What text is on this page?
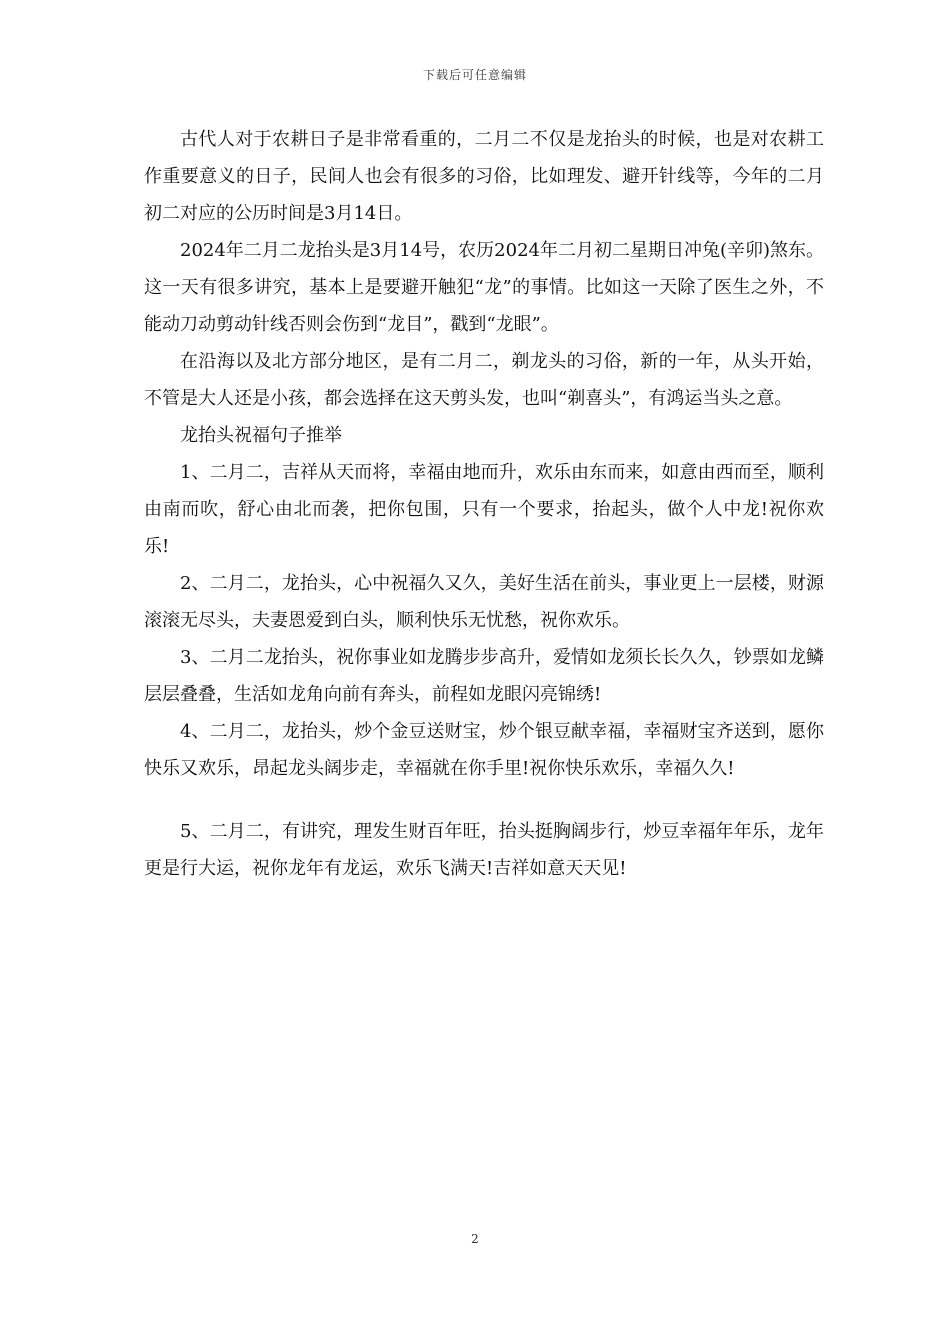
下载后可任意编辑

古代人对于农耕日子是非常看重的，二月二不仅是龙抬头的时候，也是对农耕工作重要意义的日子，民间人也会有很多的习俗，比如理发、避开针线等，今年的二月初二对应的公历时间是3月14日。

2024年二月二龙抬头是3月14号，农历2024年二月初二星期日冲兔(辛卯)煞东。这一天有很多讲究，基本上是要避开触犯“龙”的事情。比如这一天除了医生之外，不能动刀动剪动针线否则会伤到“龙目”，戳到“龙眼”。

在沿海以及北方部分地区，是有二月二，剃龙头的习俗，新的一年，从头开始，不管是大人还是小孩，都会选择在这天剪头发，也叫“剃喜头”，有鸿运当头之意。

龙抬头祝福句子推举

1、二月二，吉祥从天而将，幸福由地而升，欢乐由东而来，如意由西而至，顺利由南而吹，舒心由北而袭，把你包围，只有一个要求，抬起头，做个人中龙!祝你欢乐!

2、二月二，龙抬头，心中祝福久又久，美好生活在前头，事业更上一层楼，财源滚滚无尽头，夫妻恩爱到白头，顺利快乐无忧愁，祝你欢乐。

3、二月二龙抬头，祝你事业如龙腾步步高升，爱情如龙须长长久久，钞票如龙鳞层层叠叠，生活如龙角向前有奔头，前程如龙眼闪亮锦绣!

4、二月二，龙抬头，炒个金豆送财宝，炒个银豆献幸福，幸福财宝齐送到，愿你快乐又欢乐，昂起龙头阔步走，幸福就在你手里!祝你快乐欢乐，幸福久久!

5、二月二，有讲究，理发生财百年旺，抬头挺胸阔步行，炒豆幸福年年乐，龙年更是行大运，祝你龙年有龙运，欢乐飞满天!吉祥如意天天见!

2
